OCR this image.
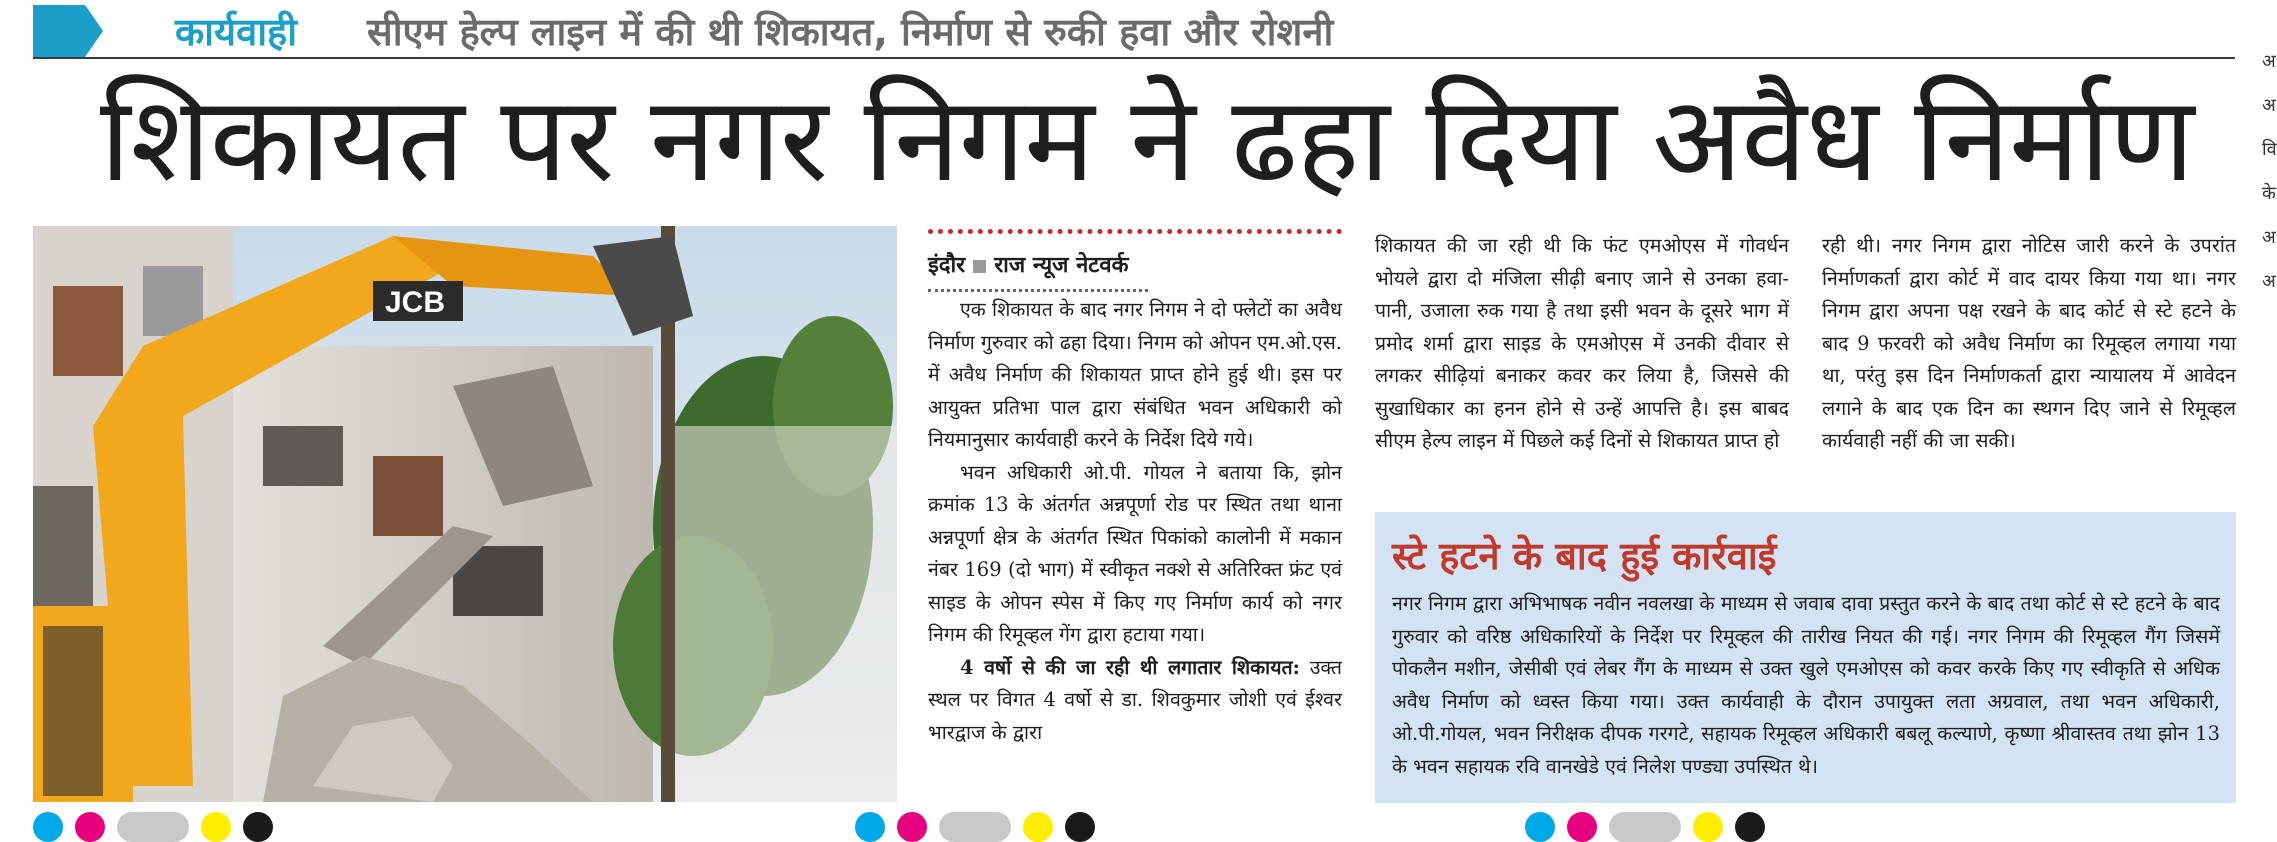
कार्यवाही सीएम हेल्प लाइन में की थी शिकायत, निर्माण से रुकी हवा और रोशनी
शिकायत पर नगर निगम ने ढहा दिया अवैध निर्माण
JCB
इंदौर राज न्यूज नेटवर्क

एक शिकायत के बाद नगर निगम ने दो फ्लेटों का अवैध निर्माण गुरुवार को ढहा दिया। निगम को ओपन एम.ओ.एस. में अवैध निर्माण की शिकायत प्राप्त होने हुई थी। इस पर आयुक्त प्रतिभा पाल द्वारा संबंधित भवन अधिकारी को नियमानुसार कार्यवाही करने के निर्देश दिये गये।

भवन अधिकारी ओ.पी. गोयल ने बताया कि, झोन क्रमांक 13 के अंतर्गत अन्नपूर्णा रोड पर स्थित तथा थाना अन्नपूर्णा क्षेत्र के अंतर्गत स्थित पिकांको कालोनी में मकान नंबर 169 (दो भाग) में स्वीकृत नक्शे से अतिरिक्त फ्रंट एवं साइड के ओपन स्पेस में किए गए निर्माण कार्य को नगर निगम की रिमूव्हल गेंग द्वारा हटाया गया।

4 वर्षो से की जा रही थी लगातार शिकायत: उक्त स्थल पर विगत 4 वर्षो से डा. शिवकुमार जोशी एवं ईश्वर भारद्वाज के द्वारा

शिकायत की जा रही थी कि फंट एमओएस में गोवर्धन भोयले द्वारा दो मंजिला सीढ़ी बनाए जाने से उनका हवा-पानी, उजाला रुक गया है तथा इसी भवन के दूसरे भाग में प्रमोद शर्मा द्वारा साइड के एमओएस में उनकी दीवार से लगकर सीढ़ियां बनाकर कवर कर लिया है, जिससे की सुखाधिकार का हनन होने से उन्हें आपत्ति है। इस बाबद सीएम हेल्प लाइन में पिछले कई दिनों से शिकायत प्राप्त हो

रही थी। नगर निगम द्वारा नोटिस जारी करने के उपरांत निर्माणकर्ता द्वारा कोर्ट में वाद दायर किया गया था। नगर निगम द्वारा अपना पक्ष रखने के बाद कोर्ट से स्टे हटने के बाद 9 फरवरी को अवैध निर्माण का रिमूव्हल लगाया गया था, परंतु इस दिन निर्माणकर्ता द्वारा न्यायालय में आवेदन लगाने के बाद एक दिन का स्थगन दिए जाने से रिमूव्हल कार्यवाही नहीं की जा सकी।

स्टे हटने के बाद हुई कार्रवाई
नगर निगम द्वारा अभिभाषक नवीन नवलखा के माध्यम से जवाब दावा प्रस्तुत करने के बाद तथा कोर्ट से स्टे हटने के बाद गुरुवार को वरिष्ठ अधिकारियों के निर्देश पर रिमूव्हल की तारीख नियत की गई। नगर निगम की रिमूव्हल गैंग जिसमें पोकलैन मशीन, जेसीबी एवं लेबर गैंग के माध्यम से उक्त खुले एमओएस को कवर करके किए गए स्वीकृति से अधिक अवैध निर्माण को ध्वस्त किया गया। उक्त कार्यवाही के दौरान उपायुक्त लता अग्रवाल, तथा भवन अधिकारी, ओ.पी.गोयल, भवन निरीक्षक दीपक गरगटे, सहायक रिमूव्हल अधिकारी बबलू कल्याणे, कृष्णा श्रीवास्तव तथा झोन 13 के भवन सहायक रवि वानखेडे एवं निलेश पण्ड्या उपस्थित थे।
अ
अ
वि
के
अ
अ
